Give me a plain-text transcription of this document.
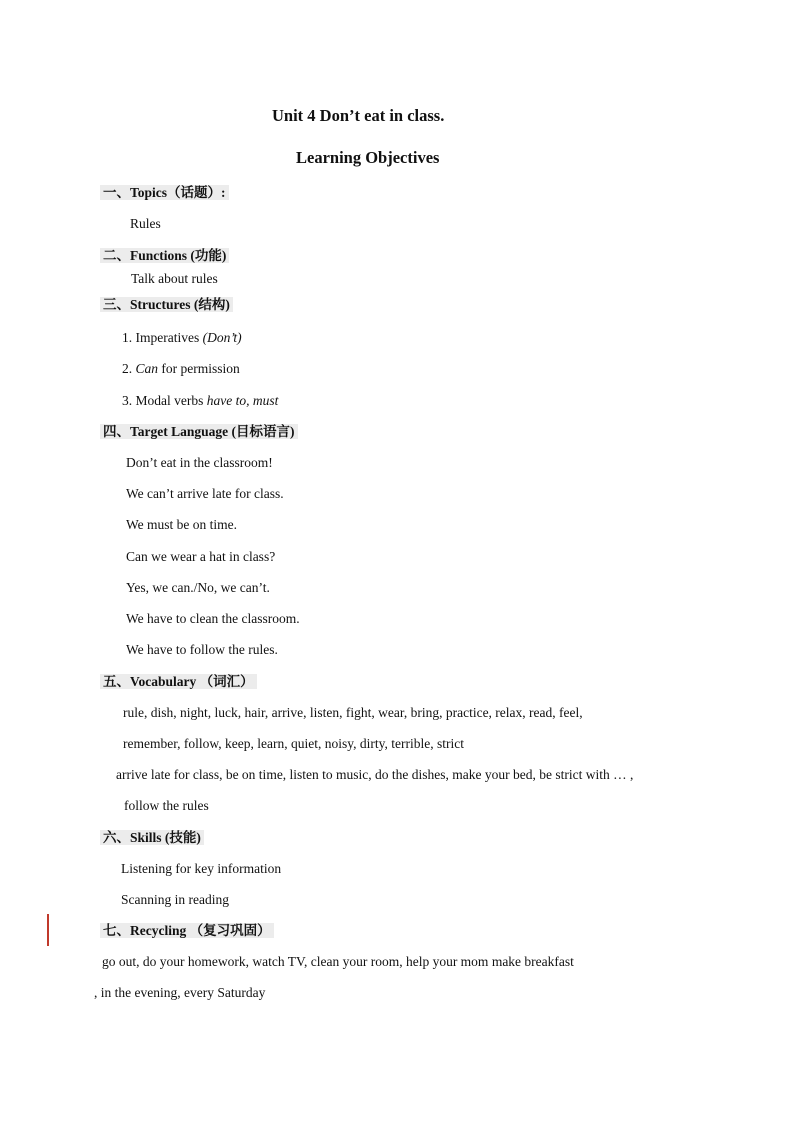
Unit 4 Don’t eat in class.
Learning Objectives
一、Topics（话题）:
Rules
二、Functions (功能)
Talk about rules
三、Structures (结构)
1. Imperatives (Don’t)
2. Can for permission
3. Modal verbs have to, must
四、Target Language (目标语言)
Don’t eat in the classroom!
We can’t arrive late for class.
We must be on time.
Can we wear a hat in class?
Yes, we can./No, we can’t.
We have to clean the classroom.
We have to follow the rules.
五、Vocabulary （词汇）
rule, dish, night, luck, hair, arrive, listen, fight, wear, bring, practice, relax, read, feel,
remember, follow, keep, learn, quiet, noisy, dirty, terrible, strict
arrive late for class, be on time, listen to music, do the dishes, make your bed, be strict with … ,
follow the rules
六、Skills (技能)
Listening for key information
Scanning in reading
七、Recycling （复习巩固）
go out, do your homework, watch TV, clean your room, help your mom make breakfast
, in the evening, every Saturday
